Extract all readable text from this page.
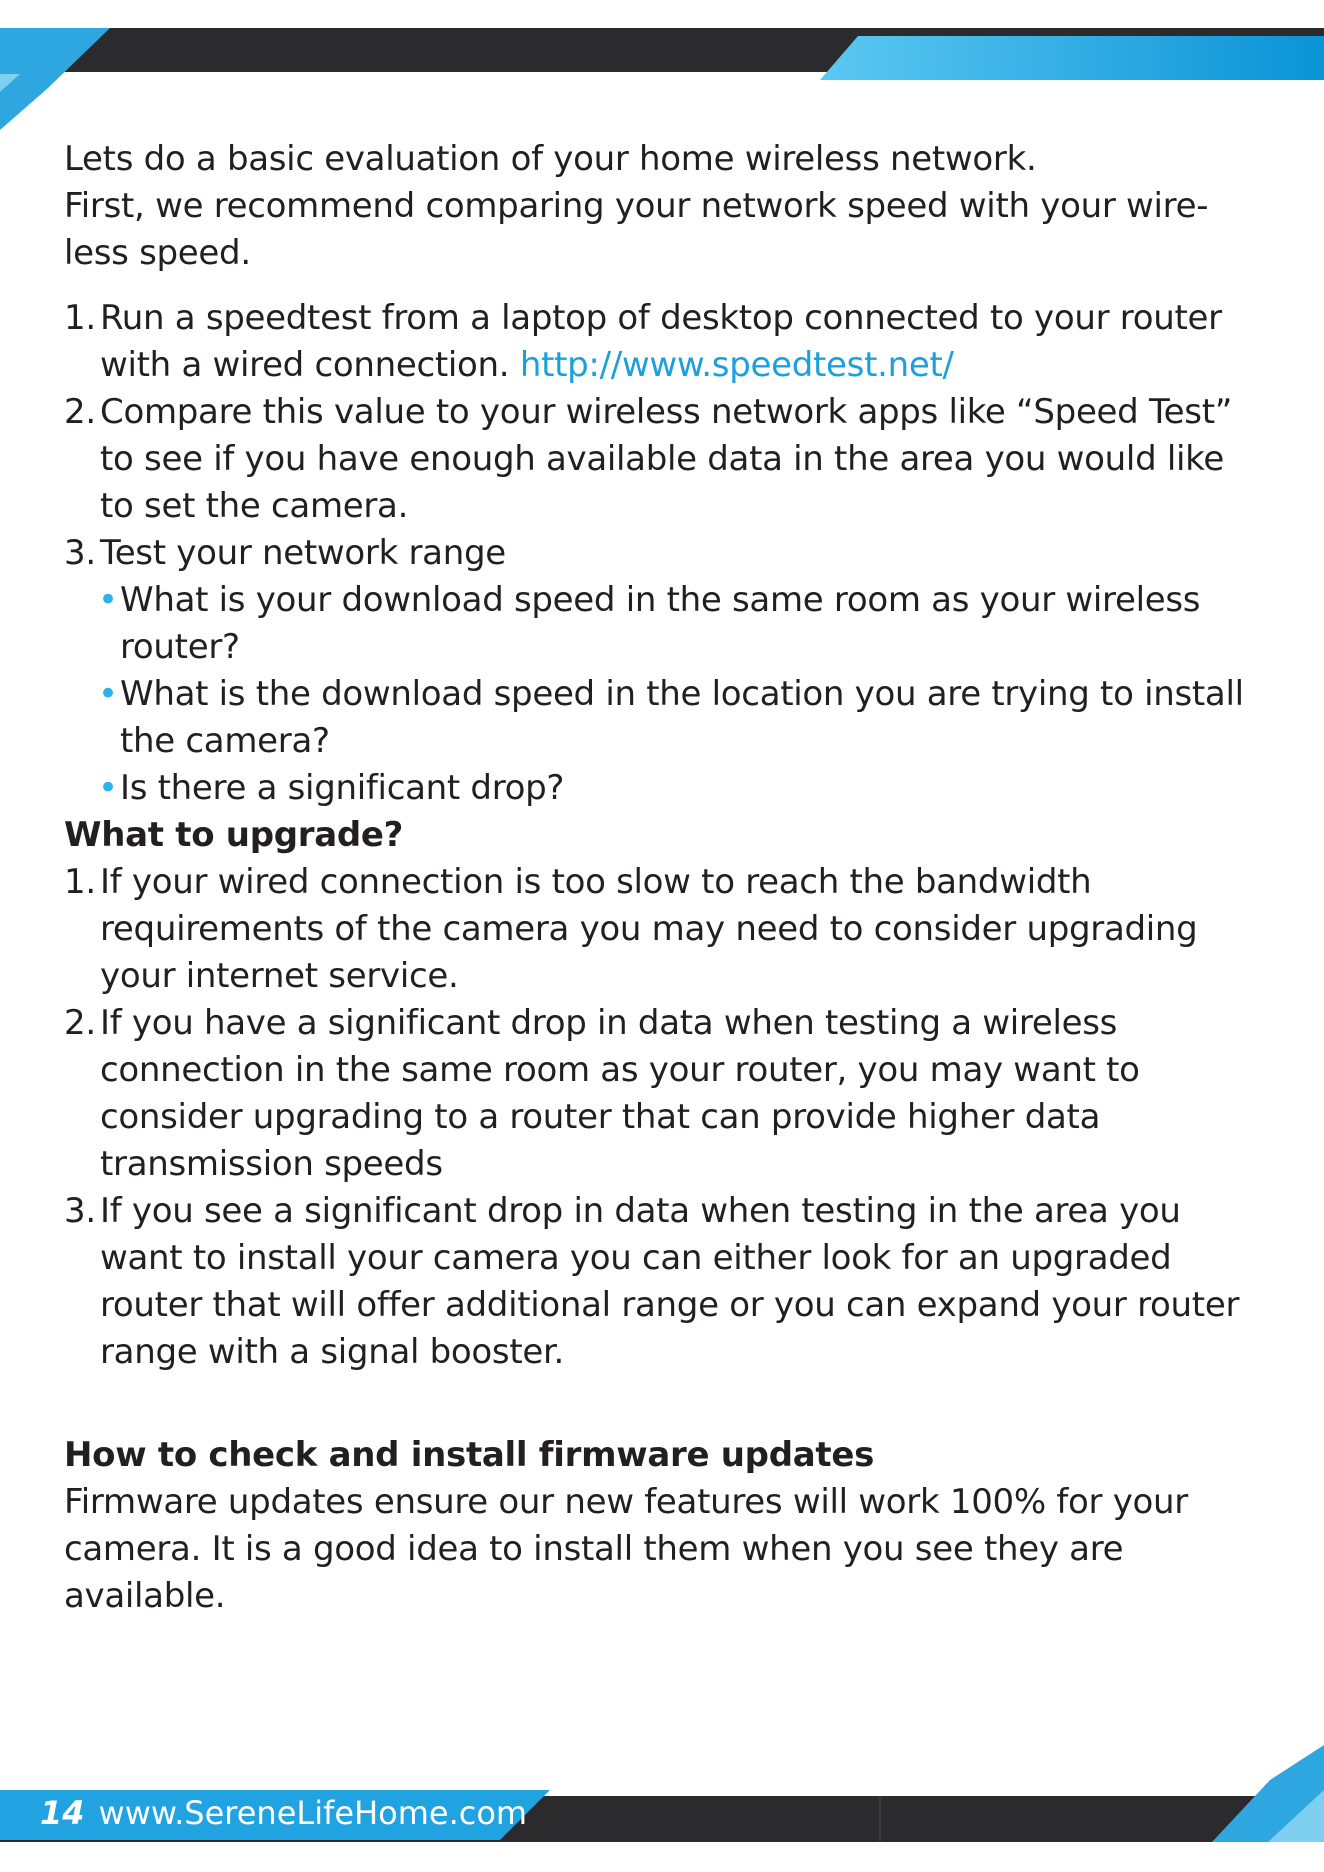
Lets do a basic evaluation of your home wireless network.

First, we recommend comparing your network speed with your wire-less speed.

1. Run a speedtest from a laptop of desktop connected to your router with a wired connection. http://www.speedtest.net/
2. Compare this value to your wireless network apps like “Speed Test” to see if you have enough available data in the area you would like to set the camera.
3. Test your network range
• What is your download speed in the same room as your wireless router?
• What is the download speed in the location you are trying to install the camera?
• Is there a significant drop?

What to upgrade?

1. If your wired connection is too slow to reach the bandwidth requirements of the camera you may need to consider upgrading your internet service.
2. If you have a significant drop in data when testing a wireless connection in the same room as your router, you may want to consider upgrading to a router that can provide higher data transmission speeds
3. If you see a significant drop in data when testing in the area you want to install your camera you can either look for an upgraded router that will offer additional range or you can expand your router range with a signal booster.

How to check and install firmware updates

Firmware updates ensure our new features will work 100% for your camera. It is a good idea to install them when you see they are available.

14 www.SereneLifeHome.com
